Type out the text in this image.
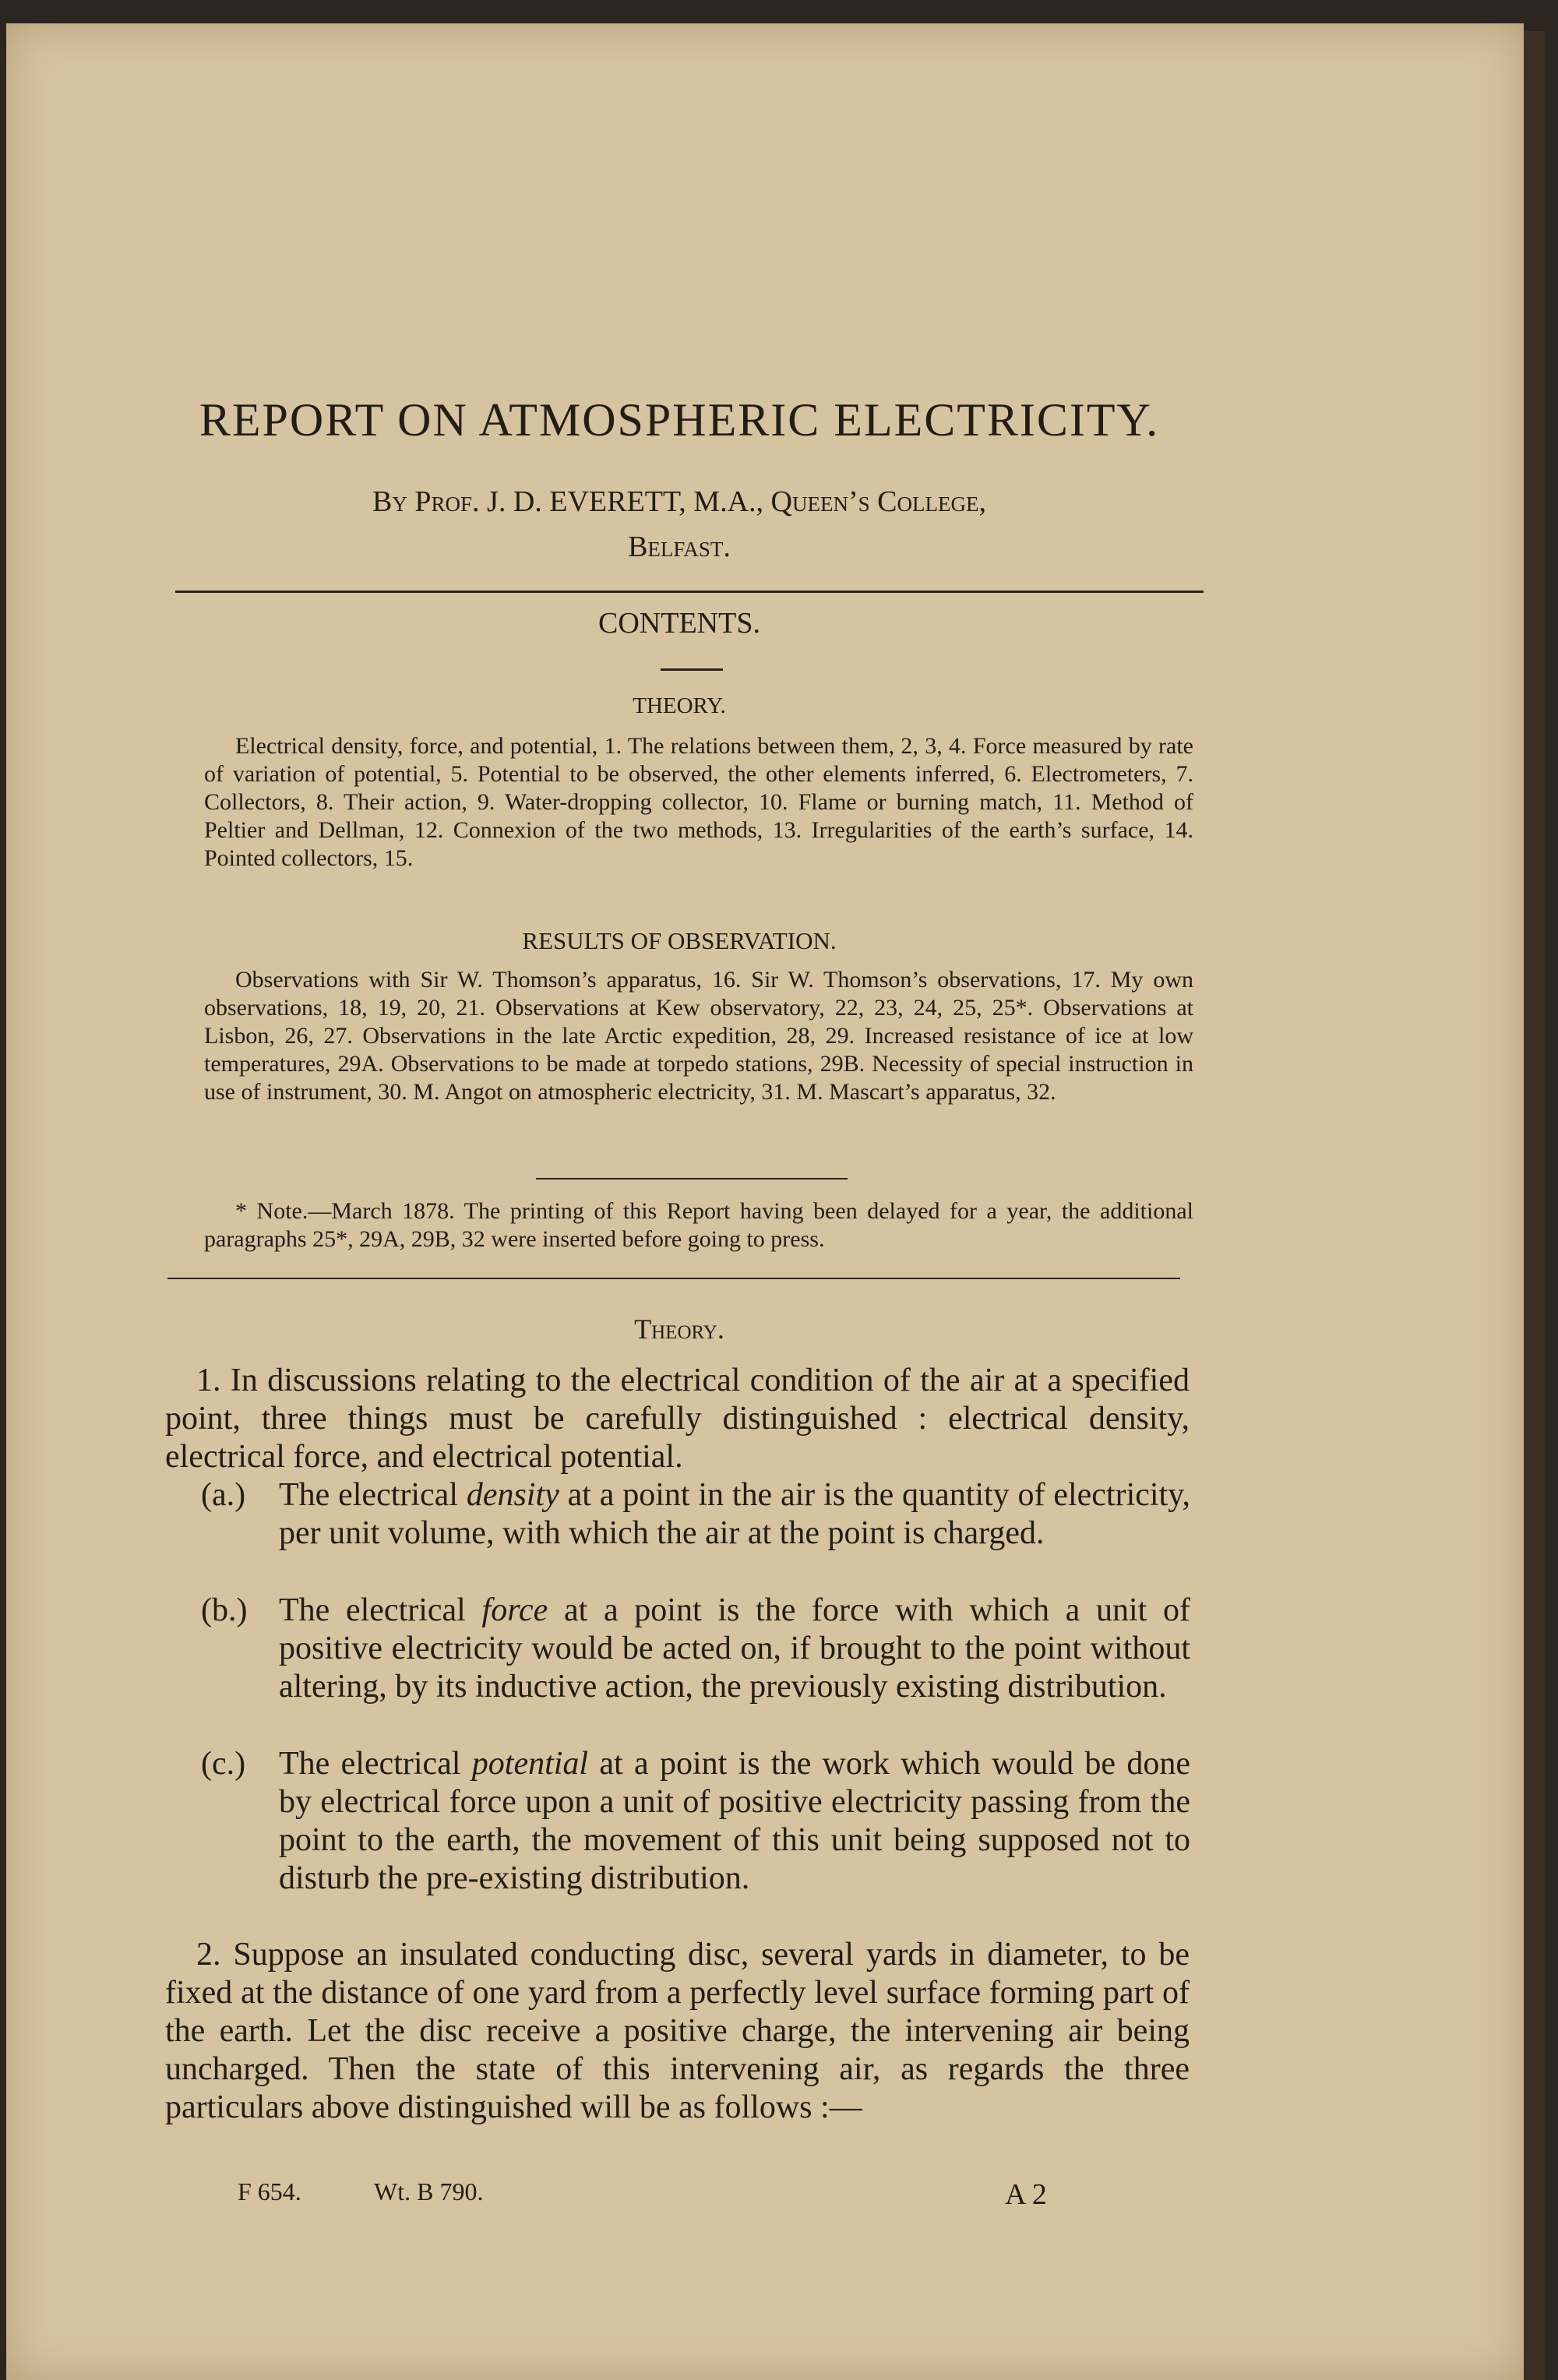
REPORT ON ATMOSPHERIC ELECTRICITY.
By Prof. J. D. EVERETT, M.A., Queen’s College,
Belfast.
CONTENTS.
THEORY.
Electrical density, force, and potential, 1. The relations between them, 2, 3, 4. Force measured by rate of variation of potential, 5. Potential to be observed, the other elements inferred, 6. Electrometers, 7. Collectors, 8. Their action, 9. Water-dropping collector, 10. Flame or burning match, 11. Method of Peltier and Dellman, 12. Connexion of the two methods, 13. Irregularities of the earth’s surface, 14. Pointed collectors, 15.
RESULTS OF OBSERVATION.
Observations with Sir W. Thomson’s apparatus, 16. Sir W. Thomson’s observations, 17. My own observations, 18, 19, 20, 21. Observations at Kew observatory, 22, 23, 24, 25, 25*. Observations at Lisbon, 26, 27. Observations in the late Arctic expedition, 28, 29. Increased resistance of ice at low temperatures, 29A. Observations to be made at torpedo stations, 29B. Necessity of special instruction in use of instrument, 30. M. Angot on atmospheric electricity, 31. M. Mascart’s apparatus, 32.
* Note.—March 1878. The printing of this Report having been delayed for a year, the additional paragraphs 25*, 29A, 29B, 32 were inserted before going to press.
Theory.
1. In discussions relating to the electrical condition of the air at a specified point, three things must be carefully distinguished : electrical density, electrical force, and electrical potential.
(a.) The electrical density at a point in the air is the quantity of electricity, per unit volume, with which the air at the point is charged.
(b.) The electrical force at a point is the force with which a unit of positive electricity would be acted on, if brought to the point without altering, by its inductive action, the previously existing distribution.
(c.) The electrical potential at a point is the work which would be done by electrical force upon a unit of positive electricity passing from the point to the earth, the movement of this unit being supposed not to disturb the pre-existing distribution.
2. Suppose an insulated conducting disc, several yards in diameter, to be fixed at the distance of one yard from a perfectly level surface forming part of the earth. Let the disc receive a positive charge, the intervening air being uncharged. Then the state of this intervening air, as regards the three particulars above distinguished will be as follows :—
F 654.	Wt. B 790.	A 2
